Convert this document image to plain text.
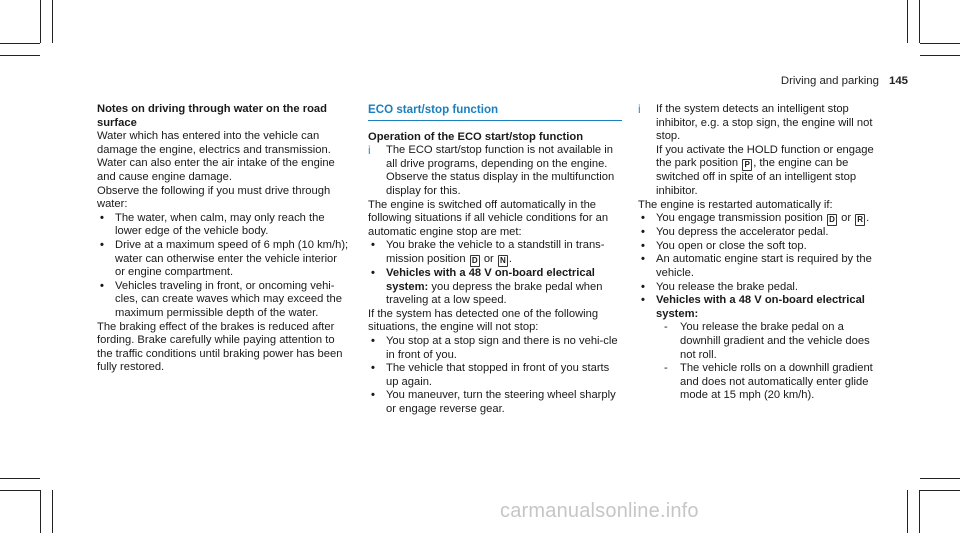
Driving and parking 145

Notes on driving through water on the road surface

Water which has entered into the vehicle can damage the engine, electrics and transmission.

Water can also enter the air intake of the engine and cause engine damage.

Observe the following if you must drive through water:

• The water, when calm, may only reach the lower edge of the vehicle body.
• Drive at a maximum speed of 6 mph (10 km/h); water can otherwise enter the vehicle interior or engine compartment.
• Vehicles traveling in front, or oncoming vehi-cles, can create waves which may exceed the maximum permissible depth of the water.

The braking effect of the brakes is reduced after fording. Brake carefully while paying attention to the traffic conditions until braking power has been fully restored.

ECO start/stop function

Operation of the ECO start/stop function

i The ECO start/stop function is not available in all drive programs, depending on the engine. Observe the status display in the multifunction display for this.

The engine is switched off automatically in the following situations if all vehicle conditions for an automatic engine stop are met:

• You brake the vehicle to a standstill in trans-mission position D or N .
• Vehicles with a 48 V on-board electrical system: you depress the brake pedal when traveling at a low speed.

If the system has detected one of the following situations, the engine will not stop:

• You stop at a stop sign and there is no vehi-cle in front of you.
• The vehicle that stopped in front of you starts up again.
• You maneuver, turn the steering wheel sharply or engage reverse gear.
i If the system detects an intelligent stop inhibitor, e.g. a stop sign, the engine will not stop.
If you activate the HOLD function or engage the park position P , the engine can be switched off in spite of an intelligent stop inhibitor.

The engine is restarted automatically if:

• You engage transmission position D or R .
• You depress the accelerator pedal.
• You open or close the soft top.
• An automatic engine start is required by the vehicle.
• You release the brake pedal.
• Vehicles with a 48 V on-board electrical system:
- You release the brake pedal on a downhill gradient and the vehicle does not roll.
- The vehicle rolls on a downhill gradient and does not automatically enter glide mode at 15 mph (20 km/h).
carmanualsonline.info
